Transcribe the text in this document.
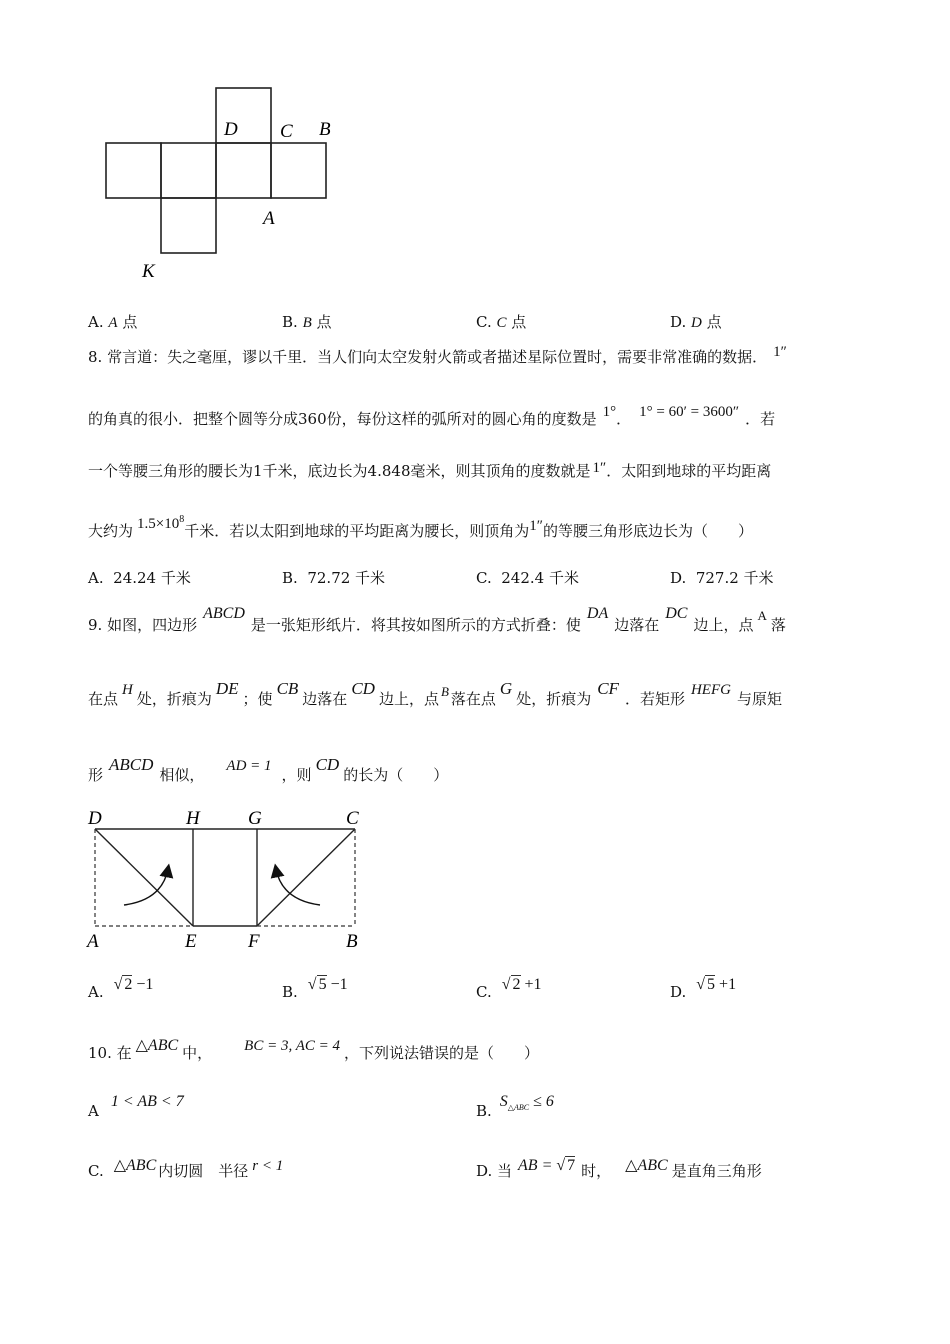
D C B
A
K
A. A 点	B. B 点	C. C 点	D. D 点
8. 常言道：失之毫厘，谬以千里．当人们向太空发射火箭或者描述星际位置时，需要非常准确的数据． 1″
的角真的很小．把整个圆等分成360份，每份这样的弧所对的圆心角的度数是 1°． 1° = 60′ = 3600″ ．若
一个等腰三角形的腰长为1千米，底边长为4.848毫米，则其顶角的度数就是 1″．太阳到地球的平均距离
大约为 $1.5\times 10^8$千米．若以太阳到地球的平均距离为腰长，则顶角为1″的等腰三角形底边长为（　　）
A. 24.24 千米	B. 72.72 千米	C. 242.4 千米	D. 727.2 千米
9. 如图，四边形ABCD是一张矩形纸片．将其按如图所示的方式折叠：使DA边落在DC边上，点A落
在点 H 处，折痕为DE；使CB边落在CD边上，点 B 落在点G处，折痕为CF．若矩形 HEFG 与原矩
形ABCD相似， AD = 1 ，则CD的长为（　　）
D	H	G	C
A	E	F	B
A. √ 2 −1	B. √ 5 −1	C. √ 2 +1	D. √ 5 +1
10. 在 △ABC 中， BC = 3, AC = 4 ，下列说法错误的是（　　）
A1 < AB < 7
$B.S_{\triangle ABC} \le 6$
C. △ABC 内切圆　半径 r < 1	D. 当 AB = √ 7 时， △ABC 是直角三角形
